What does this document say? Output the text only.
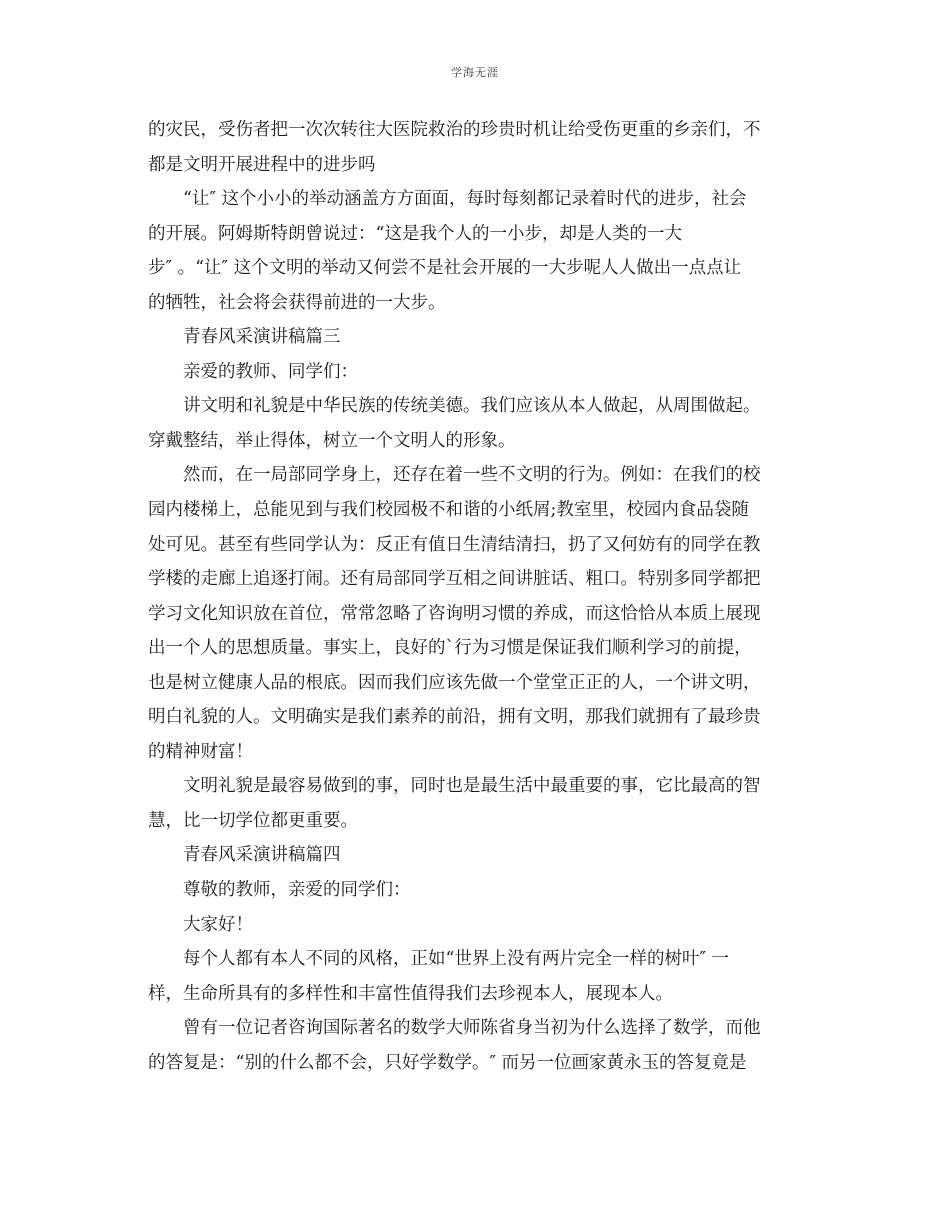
学海无涯
的灾民，受伤者把一次次转往大医院救治的珍贵时机让给受伤更重的乡亲们，不
都是文明开展进程中的进步吗
“让″ 这个小小的举动涵盖方方面面，每时每刻都记录着时代的进步，社会
的开展。阿姆斯特朗曾说过：“这是我个人的一小步，却是人类的一大
步″ 。“让″ 这个文明的举动又何尝不是社会开展的一大步呢人人做出一点点让
的牺牲，社会将会获得前进的一大步。
青春风采演讲稿篇三
亲爱的教师、同学们：
讲文明和礼貌是中华民族的传统美德。我们应该从本人做起，从周围做起。
穿戴整结，举止得体，树立一个文明人的形象。
然而，在一局部同学身上，还存在着一些不文明的行为。例如：在我们的校
园内楼梯上，总能见到与我们校园极不和谐的小纸屑;教室里，校园内食品袋随
处可见。甚至有些同学认为：反正有值日生清结清扫，扔了又何妨有的同学在教
学楼的走廊上追逐打闹。还有局部同学互相之间讲脏话、粗口。特别多同学都把
学习文化知识放在首位，常常忽略了咨询明习惯的养成，而这恰恰从本质上展现
出一个人的思想质量。事实上，良好的`行为习惯是保证我们顺利学习的前提，
也是树立健康人品的根底。因而我们应该先做一个堂堂正正的人，一个讲文明，
明白礼貌的人。文明确实是我们素养的前沿，拥有文明，那我们就拥有了最珍贵
的精神财富！
文明礼貌是最容易做到的事，同时也是最生活中最重要的事，它比最高的智
慧，比一切学位都更重要。
青春风采演讲稿篇四
尊敬的教师，亲爱的同学们：
大家好！
每个人都有本人不同的风格，正如“世界上没有两片完全一样的树叶″ 一
样，生命所具有的多样性和丰富性值得我们去珍视本人，展现本人。
曾有一位记者咨询国际著名的数学大师陈省身当初为什么选择了数学，而他
的答复是：“别的什么都不会，只好学数学。″ 而另一位画家黄永玉的答复竟是
